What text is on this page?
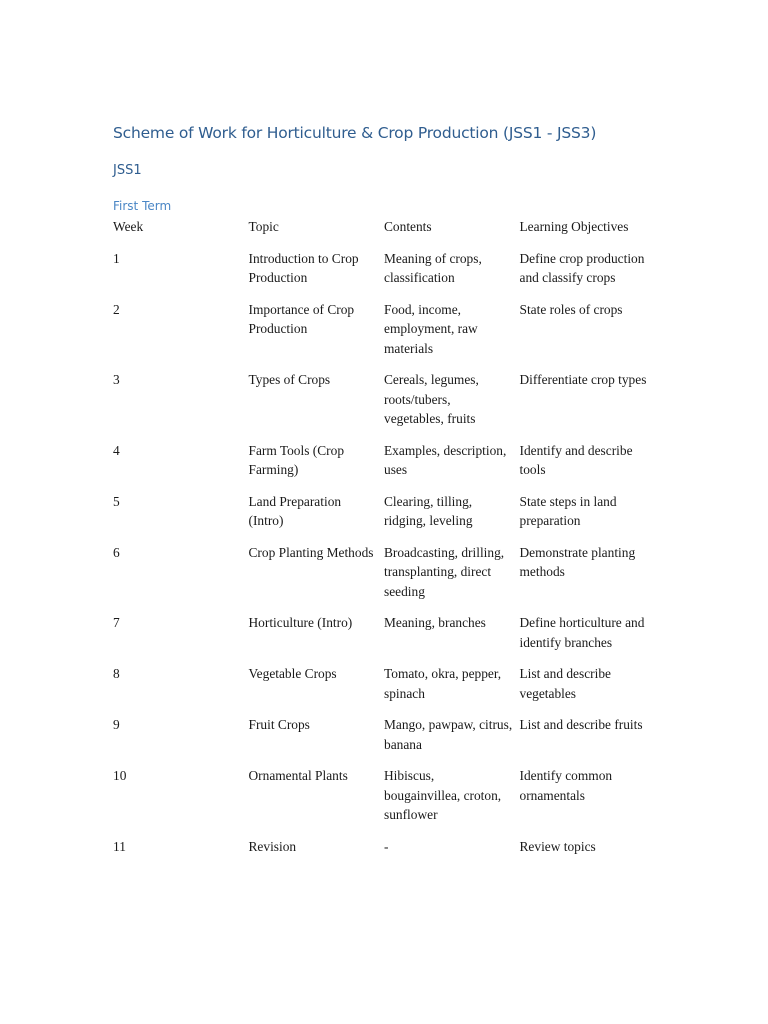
Scheme of Work for Horticulture & Crop Production (JSS1 - JSS3)
JSS1
First Term
Week	Topic	Contents	Learning Objectives
1	Introduction to Crop Production	Meaning of crops, classification	Define crop production and classify crops
2	Importance of Crop Production	Food, income, employment, raw materials	State roles of crops
3	Types of Crops	Cereals, legumes, roots/tubers, vegetables, fruits	Differentiate crop types
4	Farm Tools (Crop Farming)	Examples, description, uses	Identify and describe tools
5	Land Preparation (Intro)	Clearing, tilling, ridging, leveling	State steps in land preparation
6	Crop Planting Methods	Broadcasting, drilling, transplanting, direct seeding	Demonstrate planting methods
7	Horticulture (Intro)	Meaning, branches	Define horticulture and identify branches
8	Vegetable Crops	Tomato, okra, pepper, spinach	List and describe vegetables
9	Fruit Crops	Mango, pawpaw, citrus, banana	List and describe fruits
10	Ornamental Plants	Hibiscus, bougainvillea, croton, sunflower	Identify common ornamentals
11	Revision	-	Review topics
